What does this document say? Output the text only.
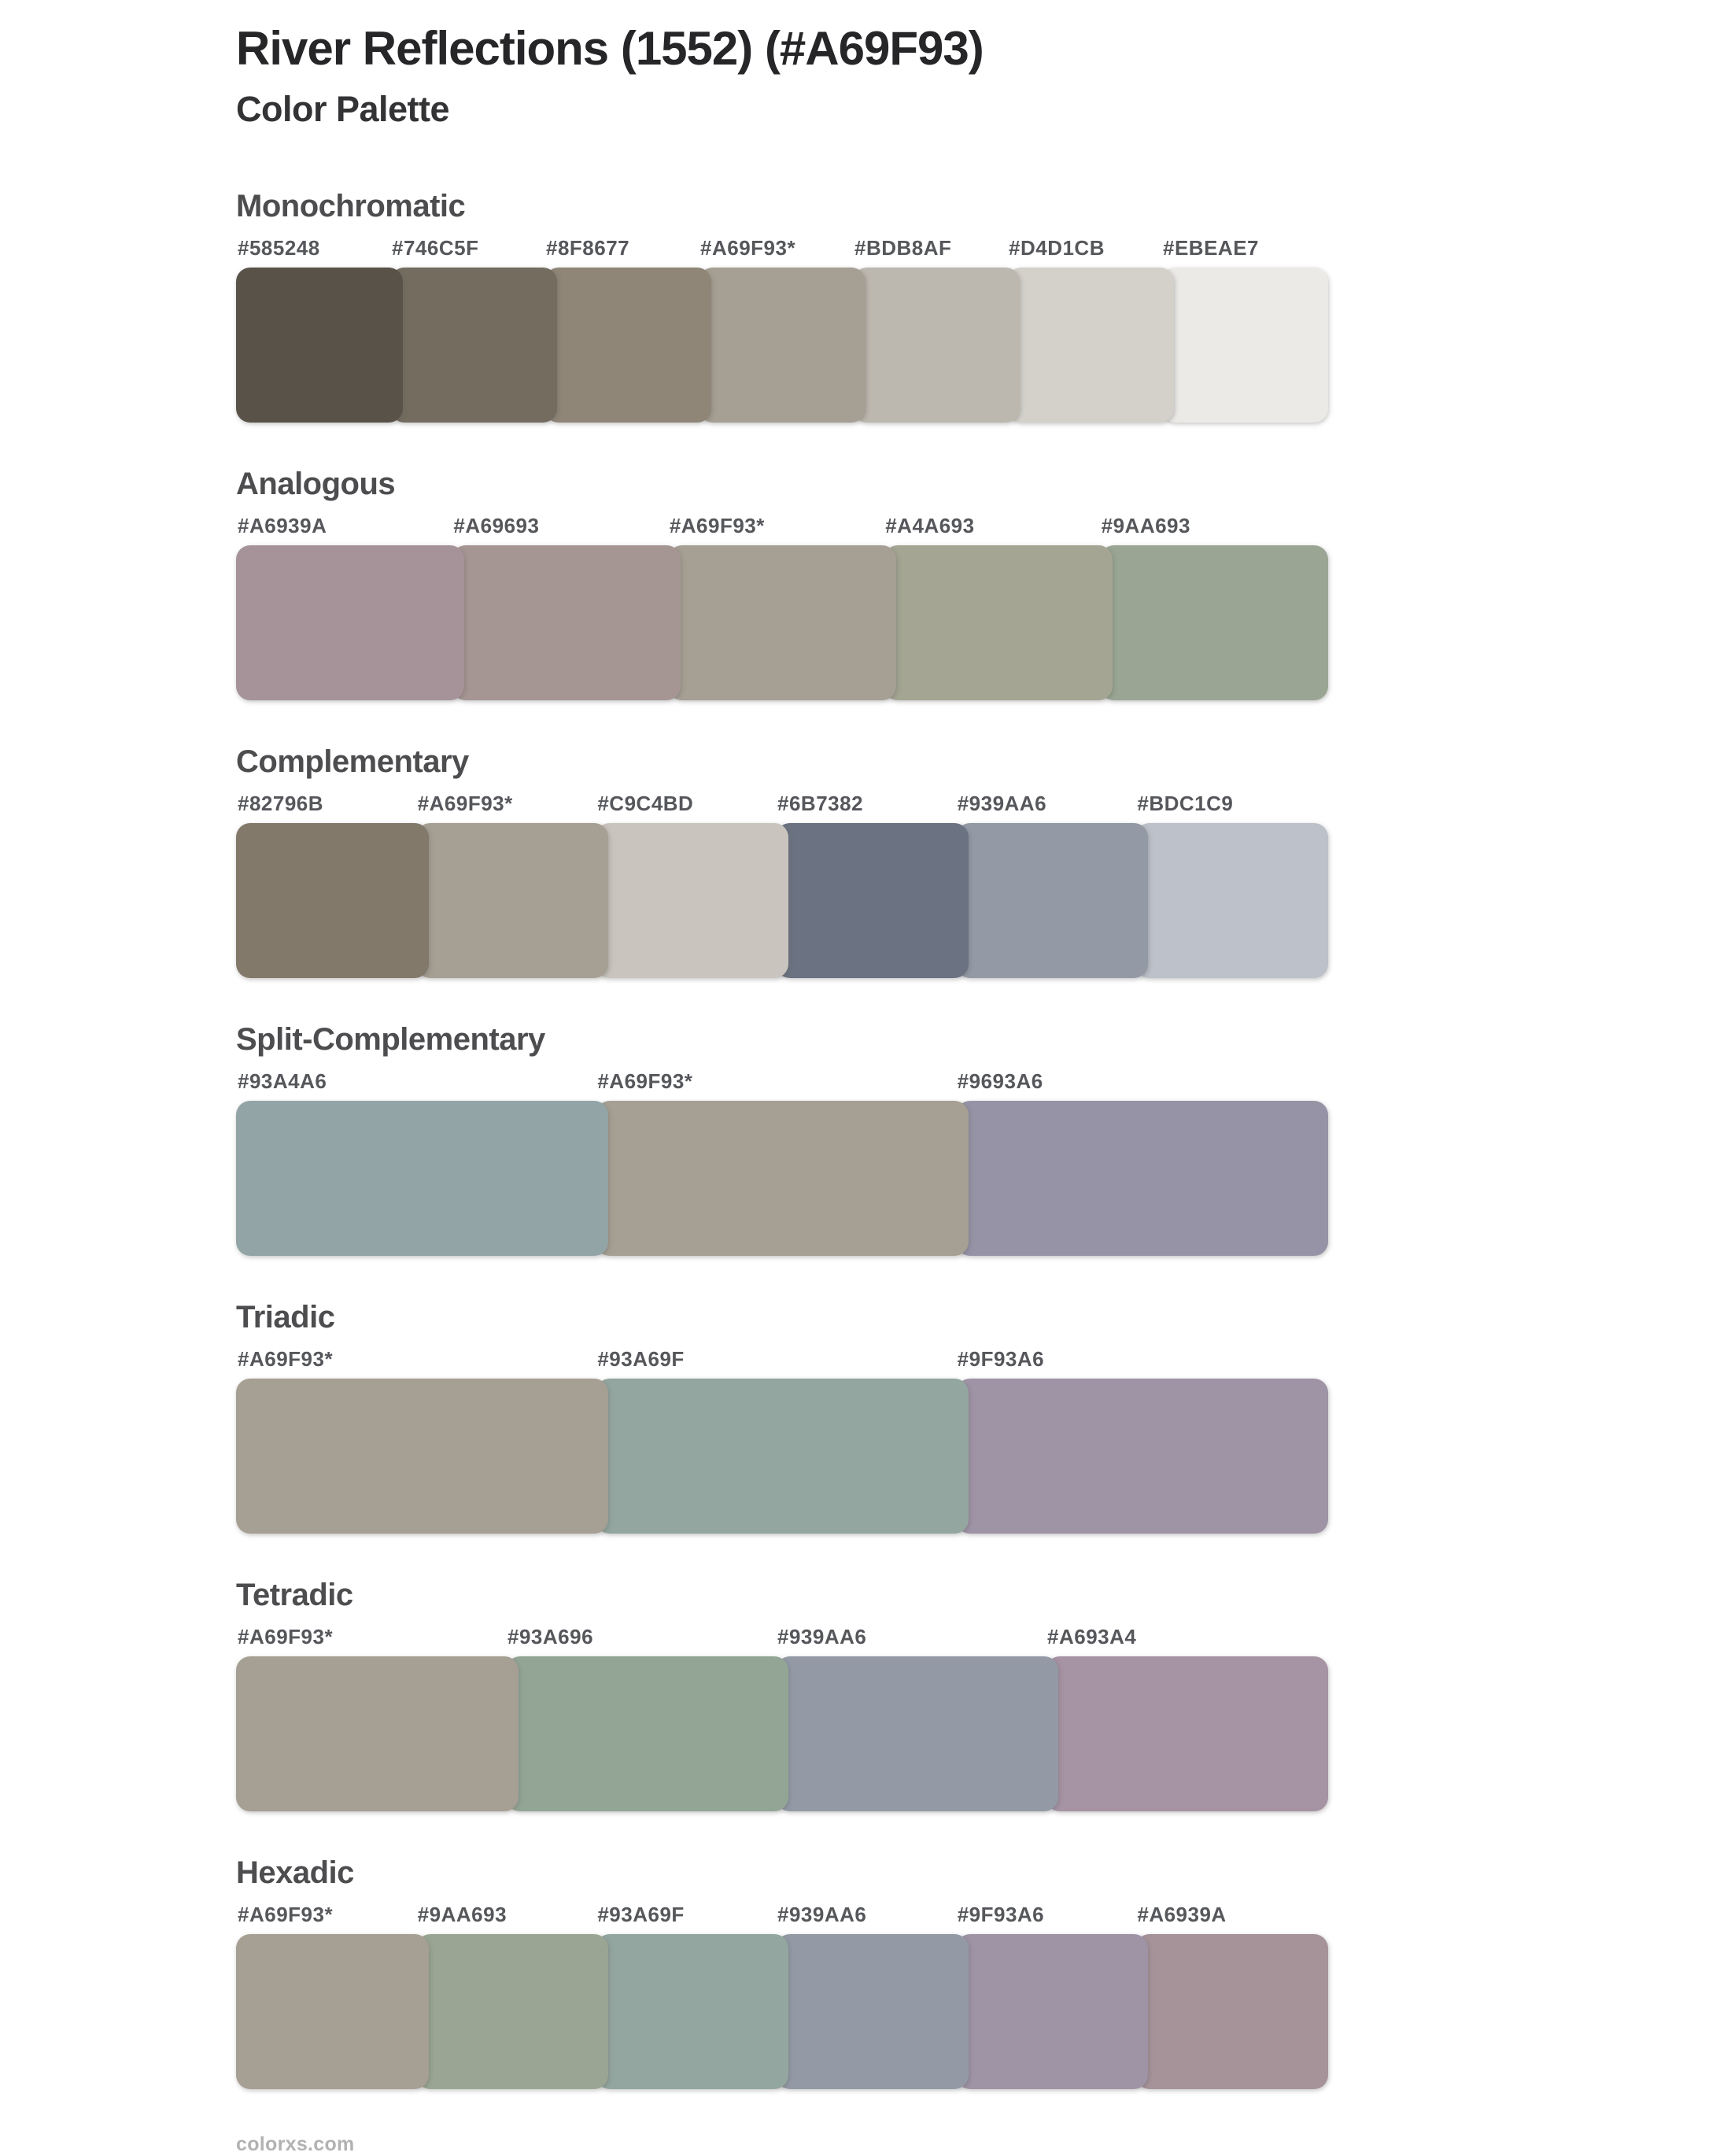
River Reflections (1552) (#A69F93)
Color Palette
Monochromatic
#585248	#746C5F	#8F8677	#A69F93*	#BDB8AF	#D4D1CB	#EBEAE7
Analogous
#A6939A	#A69693	#A69F93*	#A4A693	#9AA693
Complementary
#82796B	#A69F93*	#C9C4BD	#6B7382	#939AA6	#BDC1C9
Split-Complementary
#93A4A6	#A69F93*	#9693A6
Triadic
#A69F93*	#93A69F	#9F93A6
Tetradic
#A69F93*	#93A696	#939AA6	#A693A4
Hexadic
#A69F93*	#9AA693	#93A69F	#939AA6	#9F93A6	#A6939A
colorxs.com
